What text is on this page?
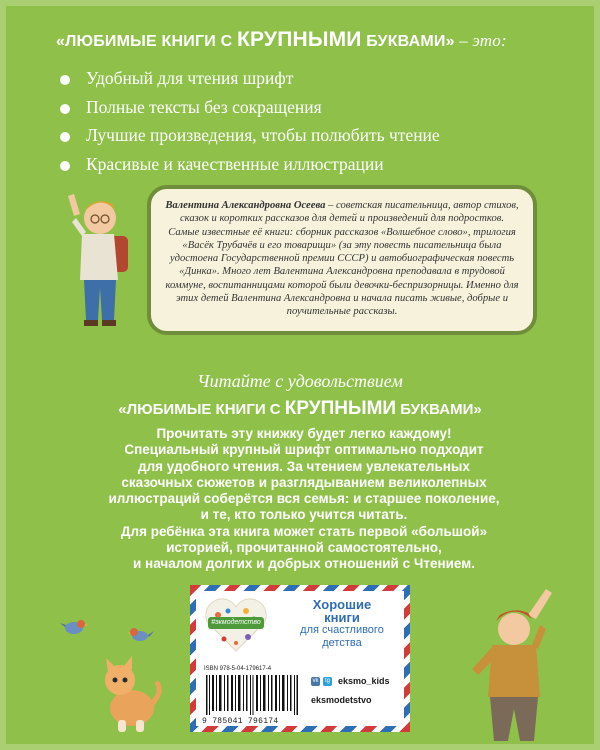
«ЛЮБИМЫЕ КНИГИ С КРУПНЫМИ БУКВАМИ» – это:
Удобный для чтения шрифт
Полные тексты без сокращения
Лучшие произведения, чтобы полюбить чтение
Красивые и качественные иллюстрации
Валентина Александровна Осеева – советская писательница, автор стихов, сказок и коротких рассказов для детей и произведений для подростков. Самые известные её книги: сборник рассказов «Волшебное слово», трилогия «Васёк Трубачёв и его товарищи» (за эту повесть писательница была удостоена Государственной премии СССР) и автобиографическая повесть «Динка». Много лет Валентина Александровна преподавала в трудовой коммуне, воспитанницами которой были девочки-беспризорницы. Именно для этих детей Валентина Александровна и начала писать живые, добрые и поучительные рассказы.
Читайте с удовольствием
«ЛЮБИМЫЕ КНИГИ С КРУПНЫМИ БУКВАМИ»

Прочитать эту книжку будет легко каждому!

Специальный крупный шрифт оптимально подходит

для удобного чтения. За чтением увлекательных

сказочных сюжетов и разглядыванием великолепных

иллюстраций соберётся вся семья: и старшее поколение,

и те, кто только учится читать.

Для ребёнка эта книга может стать первой «большой»

историей, прочитанной самостоятельно,

и началом долгих и добрых отношений с Чтением.

#экмодетство
Хорошие
книги
для счастливого
детства
ISBN 978-5-04-179617-4
9 785041 796174
vk	tg eksmo_kids
eksmodetstvo
